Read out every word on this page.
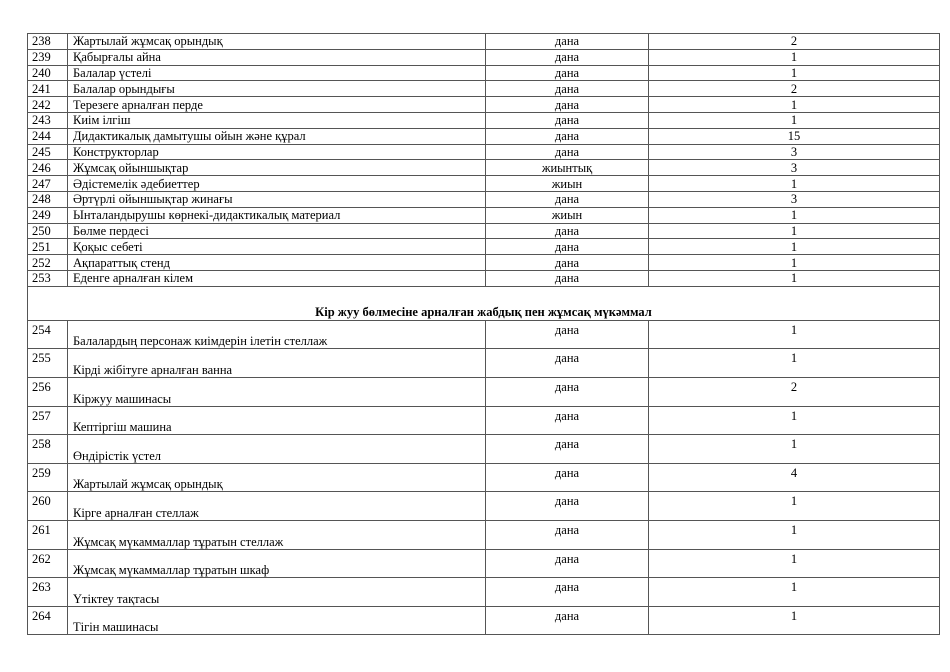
238	Жартылай жұмсақ орындық	дана	2
239	Қабырғалы айна	дана	1
240	Балалар үстелі	дана	1
241	Балалар орындығы	дана	2
242	Терезеге арналған перде	дана	1
243	Киім ілгіш	дана	1
244	Дидактикалық дамытушы ойын және құрал	дана	15
245	Конструкторлар	дана	3
246	Жұмсақ ойыншықтар	жиынтық	3
247	Әдістемелік әдебиеттер	жиын	1
248	Әртүрлі ойыншықтар жинағы	дана	3
249	Ынталандырушы көрнекі-дидактикалық материал	жиын	1
250	Бөлме пердесі	дана	1
251	Қоқыс себеті	дана	1
252	Ақпараттық стенд	дана	1
253	Еденге арналған кілем	дана	1
Кір жуу бөлмесіне арналған жабдық пен жұмсақ мүкәммал			
254	Балалардың персонаж киімдерін ілетін стеллаж	дана	1
255	Кірді жібітуге арналған ванна	дана	1
256	Кіржуу машинасы	дана	2
257	Кептіргіш машина	дана	1
258	Өндірістік үстел	дана	1
259	Жартылай жұмсақ орындық	дана	4
260	Кірге арналған стеллаж	дана	1
261	Жұмсақ мүкаммаллар тұратын стеллаж	дана	1
262	Жұмсақ мүкаммаллар тұратын шкаф	дана	1
263	Үтіктеу тақтасы	дана	1
264	Тігін машинасы	дана	1
